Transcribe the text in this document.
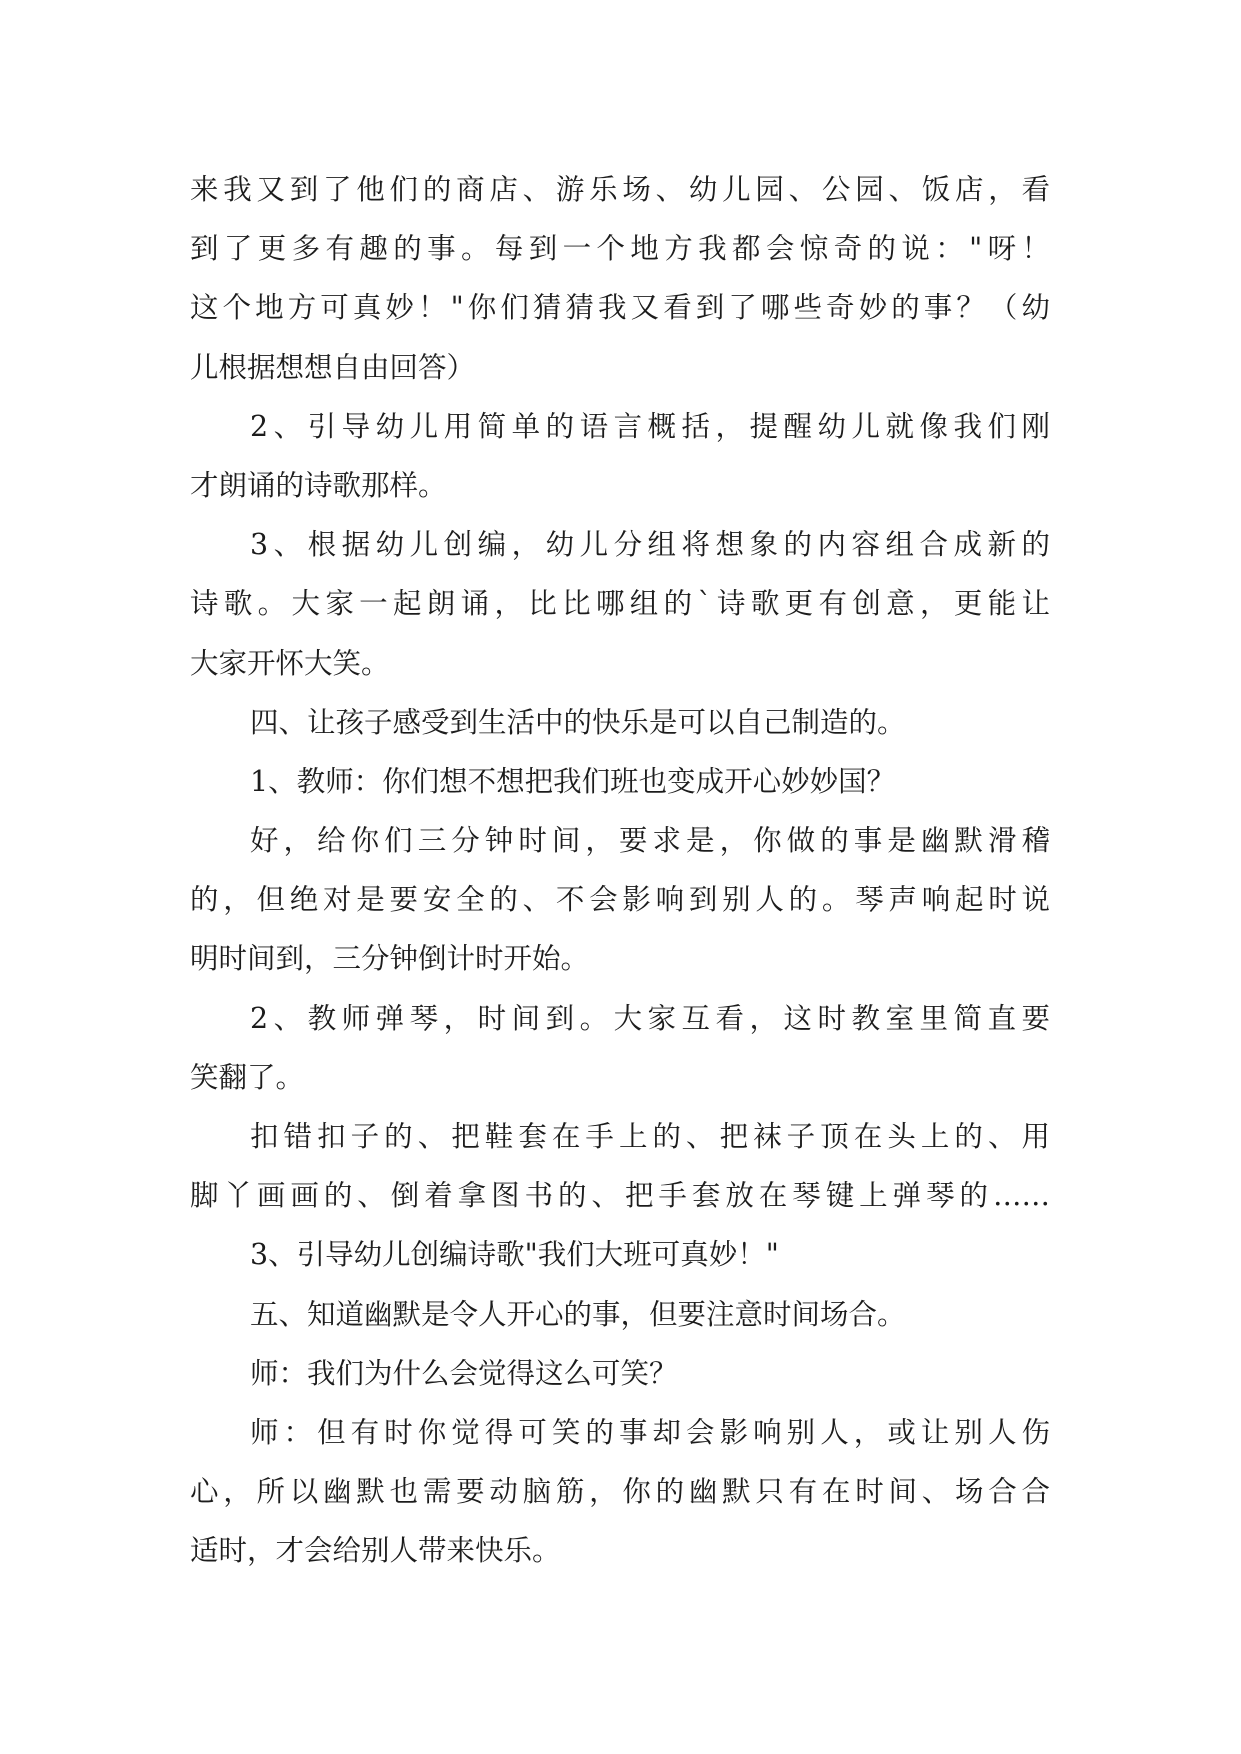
来我又到了他们的商店、游乐场、幼儿园、公园、饭店，看
到了更多有趣的事。每到一个地方我都会惊奇的说："呀！
这个地方可真妙！"你们猜猜我又看到了哪些奇妙的事？（幼
儿根据想想自由回答）
2、引导幼儿用简单的语言概括，提醒幼儿就像我们刚
才朗诵的诗歌那样。
3、根据幼儿创编，幼儿分组将想象的内容组合成新的
诗歌。大家一起朗诵，比比哪组的`诗歌更有创意，更能让
大家开怀大笑。
四、让孩子感受到生活中的快乐是可以自己制造的。
1、教师：你们想不想把我们班也变成开心妙妙国？
好，给你们三分钟时间，要求是，你做的事是幽默滑稽
的，但绝对是要安全的、不会影响到别人的。琴声响起时说
明时间到，三分钟倒计时开始。
2、教师弹琴，时间到。大家互看，这时教室里简直要
笑翻了。
扣错扣子的、把鞋套在手上的、把袜子顶在头上的、用
脚丫画画的、倒着拿图书的、把手套放在琴键上弹琴的……
3、引导幼儿创编诗歌"我们大班可真妙！"
五、知道幽默是令人开心的事，但要注意时间场合。
师：我们为什么会觉得这么可笑？
师：但有时你觉得可笑的事却会影响别人，或让别人伤
心，所以幽默也需要动脑筋，你的幽默只有在时间、场合合
适时，才会给别人带来快乐。
